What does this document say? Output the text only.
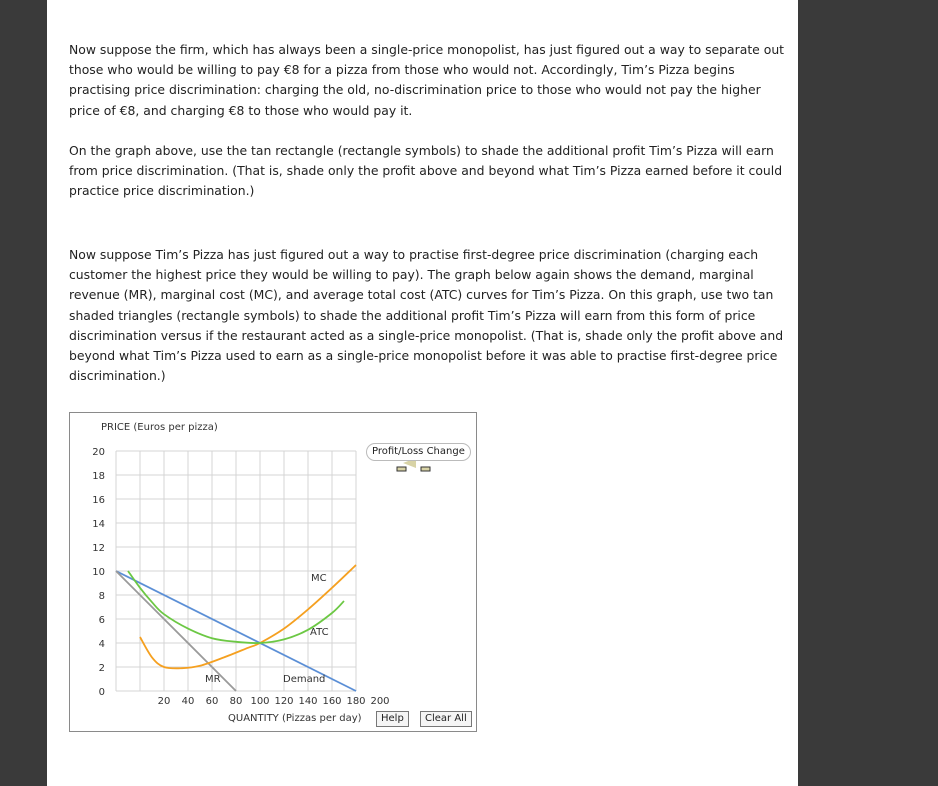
Now suppose the firm, which has always been a single-price monopolist, has just figured out a way to separate out those who would be willing to pay €8 for a pizza from those who would not. Accordingly, Tim’s Pizza begins practising price discrimination: charging the old, no-discrimination price to those who would not pay the higher price of €8, and charging €8 to those who would pay it.

On the graph above, use the tan rectangle (rectangle symbols) to shade the additional profit Tim’s Pizza will earn from price discrimination. (That is, shade only the profit above and beyond what Tim’s Pizza earned before it could practice price discrimination.)

Now suppose Tim’s Pizza has just figured out a way to practise first-degree price discrimination (charging each customer the highest price they would be willing to pay). The graph below again shows the demand, marginal revenue (MR), marginal cost (MC), and average total cost (ATC) curves for Tim’s Pizza. On this graph, use two tan shaded triangles (rectangle symbols) to shade the additional profit Tim’s Pizza will earn from this form of price discrimination versus if the restaurant acted as a single-price monopolist. (That is, shade only the profit above and beyond what Tim’s Pizza used to earn as a single-price monopolist before it was able to practise first-degree price discrimination.)

0
2
4
6
8
10
12
14
16
18
20
20 40 60 80 100 120 140 160 180 200
PRICE (Euros per pizza)
QUANTITY (Pizzas per day)
MC
ATC
MR	Demand
Profit/Loss Change
Help	Clear All
